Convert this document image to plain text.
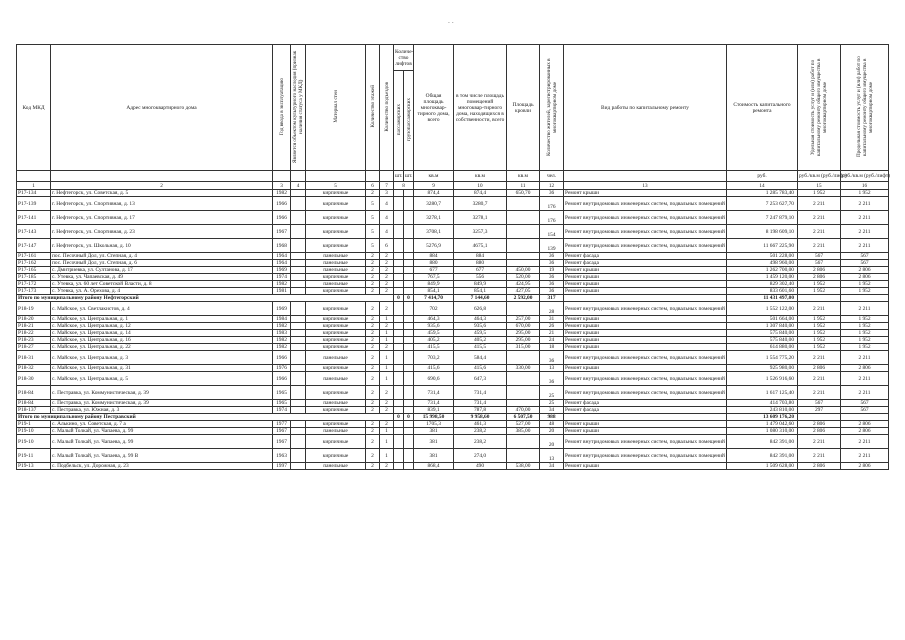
. .
Код МКД	Адрес многоквартирного дома	Год ввода в эксплуатацию	Является объектом культурного наследия (признак наличия статуса у МКД)	Материал стен	Количество этажей	Количество подъездов	Количе-ство лифтов		Общая площадь многоквар-тирного дома, всего	в том числе площадь помещений многоквар-тирного дома, находящихся в собственности, всего	Площадь кровли	Количество жителей, зарегистрированных в многоквартирном доме	Вид работы по капитальному ремонту	Стоимость капитального ремонта	Удельная стоимость услуг и (или) работ по капитальному ремонту общего имущества в многоквартирном доме	Предельная стоимость услуг и (или) работ по капитальному ремонту общего имущества в многоквартирном доме
							пассажирских	грузопассажирских								

							шт.	шт.	кв.м	кв.м	кв.м	чел.		руб.	руб./кв.м (руб./лифт)	руб./кв.м (руб./лифт)
1	2	3	4	5	6	7	8		9	10	11	12	13	14	15	16
P17-134	г. Нефтегорск, ул. Советская, д. 5	1982		кирпичные	2	3			874,4	874,4	650,70	36	Ремонт крыши	1 285 783,40	1 952	1 952
P17-139	г. Нефтегорск, ул. Спортивная, д. 13	1966		кирпичные	5	4			3280,7	3280,7		176	Ремонт внутридомовых инженерных систем, подвальных помещений	7 253 627,70	2 211	2 211
P17-141	г. Нефтегорск, ул. Спортивная, д. 17	1966		кирпичные	5	4			3278,1	3278,1		176	Ремонт внутридомовых инженерных систем, подвальных помещений	7 247 879,10	2 211	2 211
P17-143	г. Нефтегорск, ул. Спортивная, д. 23	1967		кирпичные	5	4			3708,1	3257,3		154	Ремонт внутридомовых инженерных систем, подвальных помещений	8 198 609,10	2 211	2 211
P17-147	г. Нефтегорск, ул. Школьная, д. 10	1968		кирпичные	5	6			5276,9	4675,1		139	Ремонт внутридомовых инженерных систем, подвальных помещений	11 667 225,90	2 211	2 211
P17-161	пос. Песочный Дол, ул. Степная, д. 4	1964		панельные	2	2			884	884		36	Ремонт фасада	501 228,00	567	567
P17-162	пос. Песочный Дол, ул. Степная, д. 6	1964		панельные	2	2			880	880		36	Ремонт фасада	498 960,00	567	567
P17-165	с. Дмитриевка, ул. Султанова, д. 17	1969		панельные	2	2			677	677	450,00	19	Ремонт крыши	1 262 700,00	2 806	2 806
P17-185	с. Утевка, ул. Чапаевская, д. 49	1974		кирпичные	2	2			767,5	556	520,00	36	Ремонт крыши	1 459 120,00	2 806	2 806
P17-172	с. Утевка, ул. 60 лет Советской Власти, д. 8	1982		панельные	2	2			849,9	849,9	424,95	36	Ремонт крыши	829 302,40	1 952	1 952
P17-173	с. Утевка, ул. А. Орехова, д. 4	1981		кирпичные	2	2			854,1	854,1	427,05	36	Ремонт крыши	833 601,60	1 952	1 952
Итого по муниципальному району Нефтегорский							0	0	7 414,70	7 144,60	2 592,00	317		11 431 497,00		
P18-19	с. Майское, ул. Светлакистов, д. 4	1969		кирпичные	2	2			702	626,8		28	Ремонт внутридомовых инженерных систем, подвальных помещений	1 552 122,00	2 211	2 211
P18-20	с. Майское, ул. Центральная, д. 1	1984		кирпичные	2	1			464,3	464,3	257,00	31	Ремонт крыши	501 664,00	1 952	1 952
P18-21	с. Майское, ул. Центральная, д. 12	1982		кирпичные	2	2			935,6	935,6	670,00	26	Ремонт крыши	1 307 840,00	1 952	1 952
P18-22	с. Майское, ул. Центральная, д. 14	1983		кирпичные	2	1			459,5	459,5	295,00	21	Ремонт крыши	575 840,00	1 952	1 952
P18-23	с. Майское, ул. Центральная, д. 16	1982		кирпичные	2	1			405,2	405,2	295,00	24	Ремонт крыши	575 840,00	1 952	1 952
P18-27	с. Майское, ул. Центральная, д. 22	1982		кирпичные	2	2			415,5	415,5	315,00	18	Ремонт крыши	614 880,00	1 952	1 952
P18-31	с. Майское, ул. Центральная, д. 3	1966		панельные	2	1			703,2	584,4		36	Ремонт внутридомовых инженерных систем, подвальных помещений	1 554 775,20	2 211	2 211
P18-32	с. Майское, ул. Центральная, д. 31	1976		кирпичные	2	1			415,6	415,6	330,00	13	Ремонт крыши	925 980,00	2 806	2 806
P18-30	с. Майское, ул. Центральная, д. 5	1966		панельные	2	1			690,6	647,3		36	Ремонт внутридомовых инженерных систем, подвальных помещений	1 526 916,60	2 211	2 211
P18-84	с. Пестравка, ул. Коммунистическая, д. 39	1965		кирпичные	2	2			731,4	731,4		25	Ремонт внутридомовых инженерных систем, подвальных помещений	1 617 125,40	2 211	2 211
P18-84	с. Пестравка, ул. Коммунистическая, д. 39	1965		панельные	2	2			731,4	731,4		25	Ремонт фасада	414 703,80	567	567
P18-137	с. Пестравка, ул. Южная, д. 3	1974		кирпичные	2	2			839,1	787,8	470,00	34	Ремонт фасада	243 810,00	297	567
Итого по муниципальному району Пестравский							0	0	15 998,50	9 958,60	6 507,50	988		13 609 176,20		
P19-1	с. Алькино, ул. Советская, д. 7 а	1977		кирпичные	2	2			1705,3	461,3	527,00	48	Ремонт крыши	1 479 042,60	2 806	2 806
P19-10	с. Малый Толкай, ул. Чапаева, д. 99	1967		панельные	2	1			381	238,2	385,00	20	Ремонт крыши	1 080 310,00	2 806	2 806
P19-10	с. Малый Толкай, ул. Чапаева, д. 99	1967		кирпичные	2	1			381	238,2		20	Ремонт внутридомовых инженерных систем, подвальных помещений	842 391,00	2 211	2 211
P19-11	с. Малый Толкай, ул. Чапаева, д. 99 В	1963		кирпичные	2	1			381	274,0		13	Ремонт внутридомовых инженерных систем, подвальных помещений	842 391,00	2 211	2 211
P19-13	с. Подбельск, ул. Дорожная, д. 23	1997		панельные	2	2			868,4	490	538,00	34	Ремонт крыши	1 509 628,00	2 806	2 806
